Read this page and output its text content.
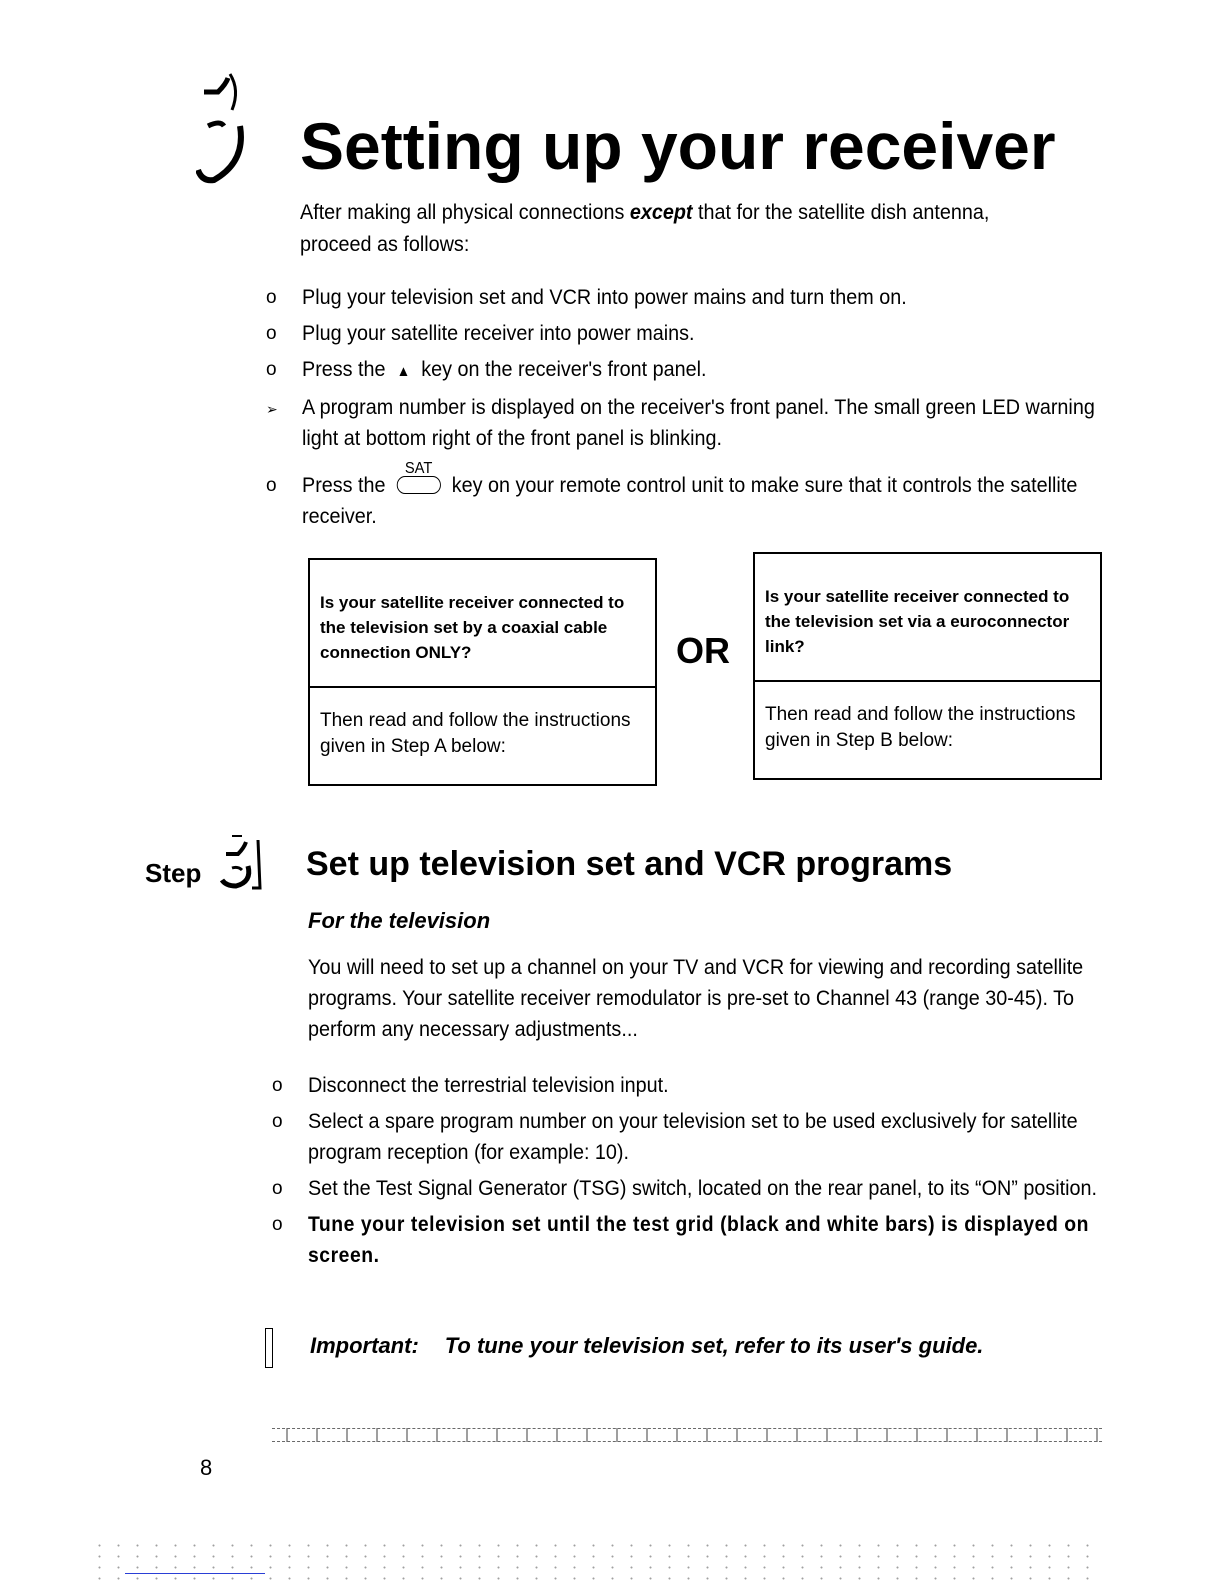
Setting up your receiver
After making all physical connections except that for the satellite dish antenna, proceed as follows:
o Plug your television set and VCR into power mains and turn them on.
o Plug your satellite receiver into power mains.
o Press the ▲ key on the receiver's front panel.
➢ A program number is displayed on the receiver's front panel. The small green LED warning light at bottom right of the front panel is blinking.
o Press the
SAT
key on your remote control unit to make sure that it controls the satellite receiver.
Is your satellite receiver connected to the television set by a coaxial cable connection ONLY?
Then read and follow the instructions given in Step A below:
OR
Is your satellite receiver connected to the television set via a euroconnector link?
Then read and follow the instructions given in Step B below:
Step	Set up television set and VCR programs
For the television
You will need to set up a channel on your TV and VCR for viewing and recording satellite programs. Your satellite receiver remodulator is pre-set to Channel 43 (range 30-45). To perform any necessary adjustments...
o Disconnect the terrestrial television input.
o Select a spare program number on your television set to be used exclusively for satellite program reception (for example: 10).
o Set the Test Signal Generator (TSG) switch, located on the rear panel, to its “ON” position.
o Tune your television set until the test grid (black and white bars) is displayed on screen.
Important: To tune your television set, refer to its user's guide.
8
